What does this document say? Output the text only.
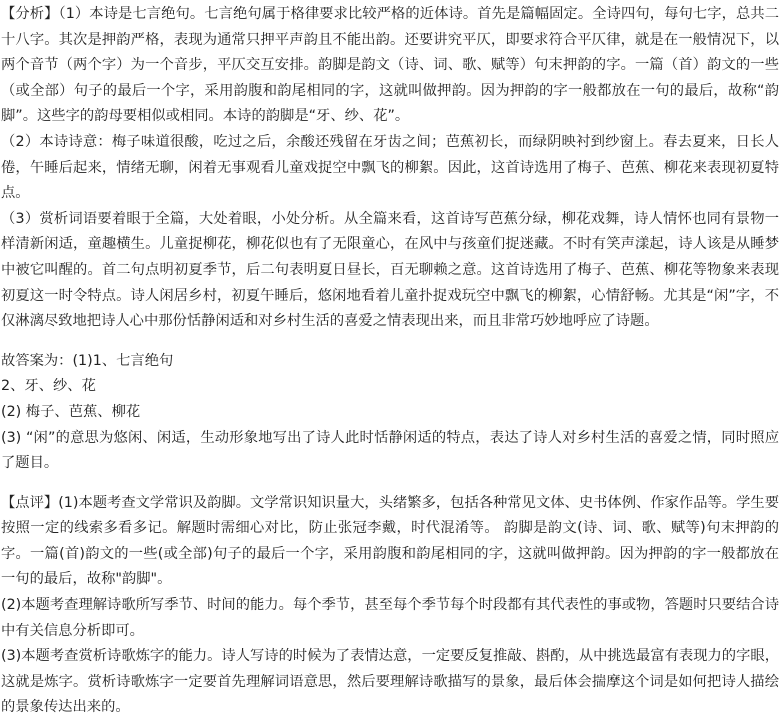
【分析】（1）本诗是七言绝句。七言绝句属于格律要求比较严格的近体诗。首先是篇幅固定。全诗四句，每句七字，总共二十八字。其次是押韵严格，表现为通常只押平声韵且不能出韵。还要讲究平仄，即要求符合平仄律，就是在一般情况下，以两个音节（两个字）为一个音步，平仄交互安排。韵脚是韵文（诗、词、歌、赋等）句末押韵的字。一篇（首）韵文的一些（或全部）句子的最后一个字，采用韵腹和韵尾相同的字，这就叫做押韵。因为押韵的字一般都放在一句的最后，故称“韵脚”。这些字的韵母要相似或相同。本诗的韵脚是“牙、纱、花”。

（2）本诗诗意：梅子味道很酸，吃过之后，余酸还残留在牙齿之间；芭蕉初长，而绿阴映衬到纱窗上。春去夏来，日长人倦，午睡后起来，情绪无聊，闲着无事观看儿童戏捉空中飘飞的柳絮。因此，这首诗选用了梅子、芭蕉、柳花来表现初夏特点。

（3）赏析词语要着眼于全篇，大处着眼，小处分析。从全篇来看，这首诗写芭蕉分绿，柳花戏舞，诗人情怀也同有景物一样清新闲适，童趣横生。儿童捉柳花，柳花似也有了无限童心，在风中与孩童们捉迷藏。不时有笑声漾起，诗人该是从睡梦中被它叫醒的。首二句点明初夏季节，后二句表明夏日昼长，百无聊赖之意。这首诗选用了梅子、芭蕉、柳花等物象来表现初夏这一时令特点。诗人闲居乡村，初夏午睡后，悠闲地看着儿童扑捉戏玩空中飘飞的柳絮，心情舒畅。尤其是“闲”字，不仅淋漓尽致地把诗人心中那份恬静闲适和对乡村生活的喜爱之情表现出来，而且非常巧妙地呼应了诗题。

故答案为：(1)1、七言绝句

2、牙、纱、花

(2) 梅子、芭蕉、柳花

(3) “闲”的意思为悠闲、闲适，生动形象地写出了诗人此时恬静闲适的特点，表达了诗人对乡村生活的喜爱之情，同时照应了题目。

【点评】(1)本题考查文学常识及韵脚。文学常识知识量大，头绪繁多，包括各种常见文体、史书体例、作家作品等。学生要按照一定的线索多看多记。解题时需细心对比，防止张冠李戴，时代混淆等。 韵脚是韵文(诗、词、歌、赋等)句末押韵的字。一篇(首)韵文的一些(或全部)句子的最后一个字，采用韵腹和韵尾相同的字，这就叫做押韵。因为押韵的字一般都放在一句的最后，故称"韵脚"。

(2)本题考查理解诗歌所写季节、时间的能力。每个季节，甚至每个季节每个时段都有其代表性的事或物，答题时只要结合诗中有关信息分析即可。

(3)本题考查赏析诗歌炼字的能力。诗人写诗的时候为了表情达意，一定要反复推敲、斟酌，从中挑选最富有表现力的字眼，这就是炼字。赏析诗歌炼字一定要首先理解词语意思，然后要理解诗歌描写的景象，最后体会揣摩这个词是如何把诗人描绘的景象传达出来的。
